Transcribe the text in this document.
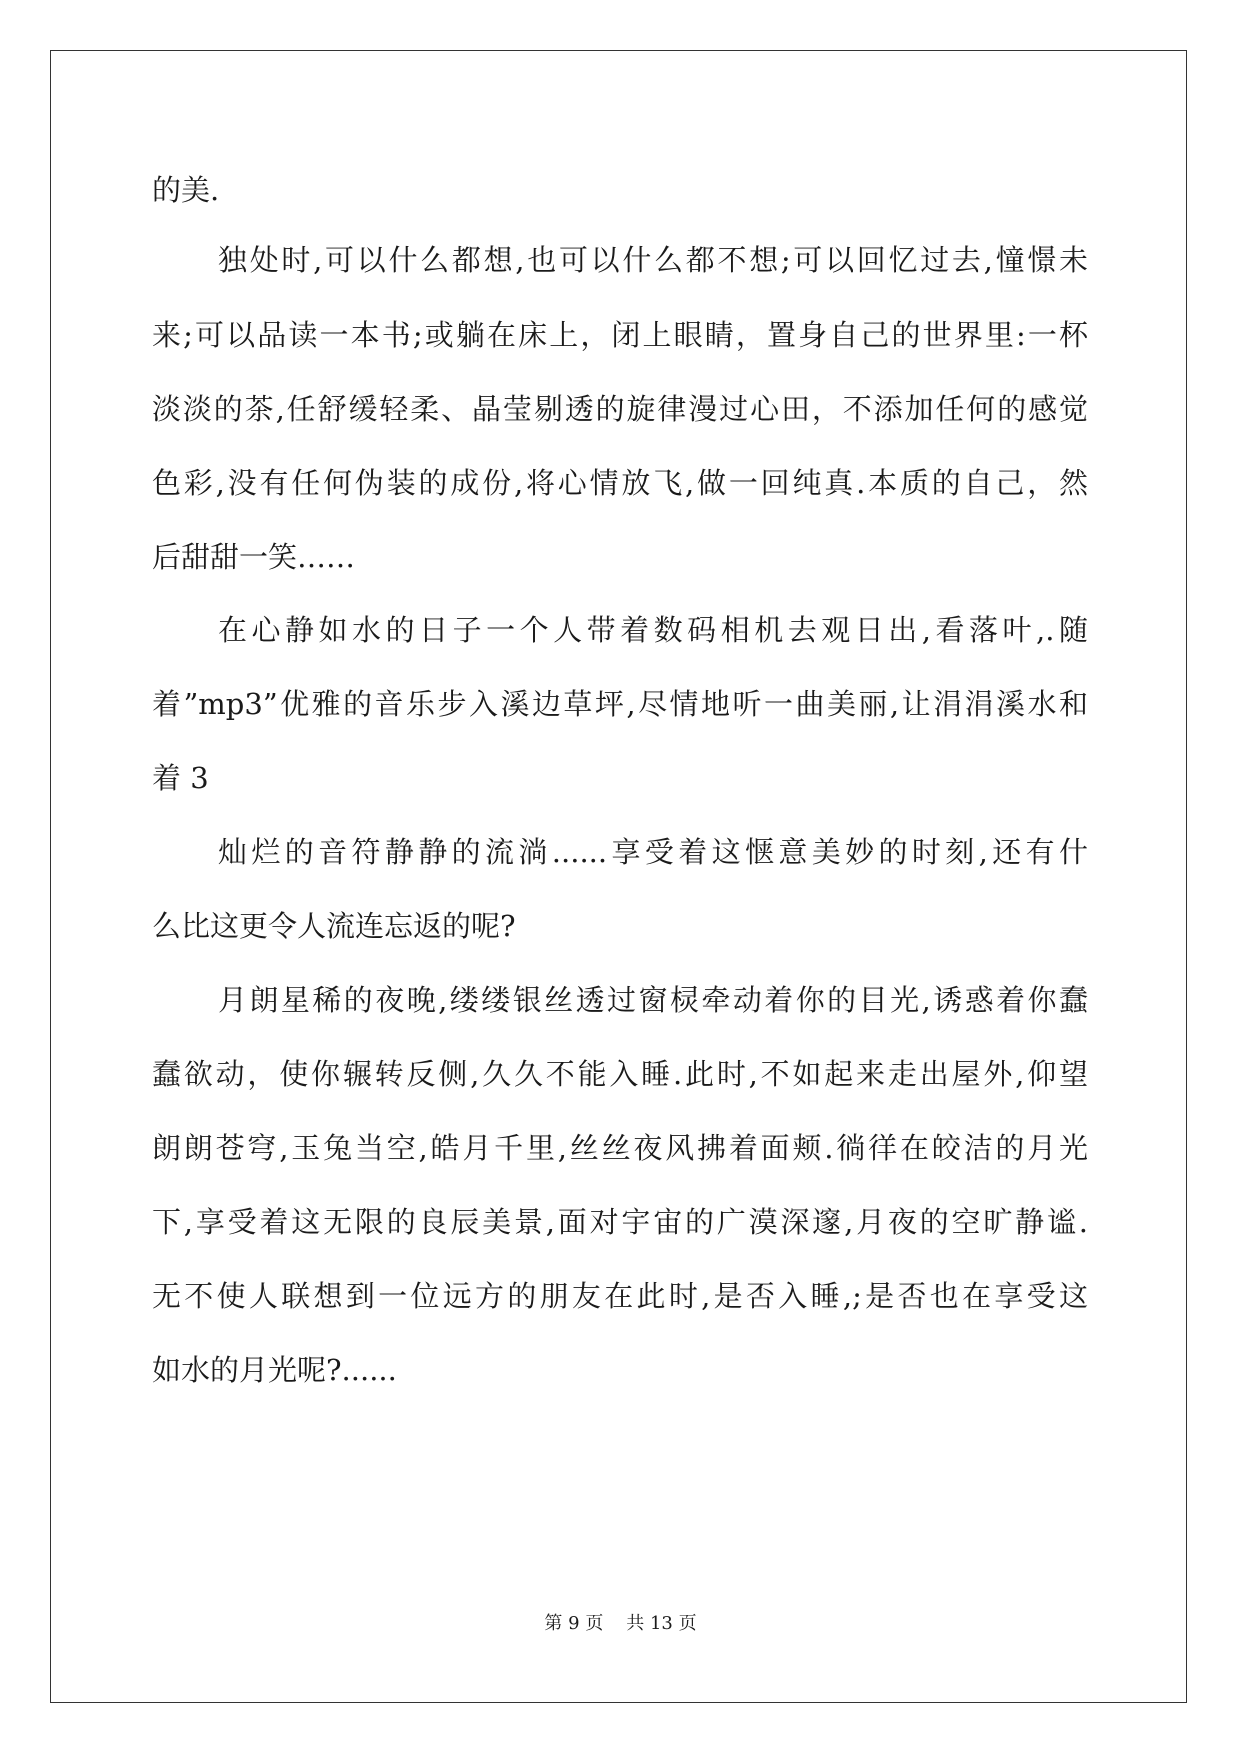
的美.
独处时,可以什么都想,也可以什么都不想;可以回忆过去,憧憬未
来;可以品读一本书;或躺在床上，闭上眼睛，置身自己的世界里:一杯
淡淡的茶,任舒缓轻柔、晶莹剔透的旋律漫过心田，不添加任何的感觉
色彩,没有任何伪装的成份,将心情放飞,做一回纯真.本质的自己，然
后甜甜一笑……
在心静如水的日子一个人带着数码相机去观日出,看落叶,.随
着”mp3”优雅的音乐步入溪边草坪,尽情地听一曲美丽,让涓涓溪水和
着 3
灿烂的音符静静的流淌......享受着这惬意美妙的时刻,还有什
么比这更令人流连忘返的呢?
月朗星稀的夜晚,缕缕银丝透过窗棂牵动着你的目光,诱惑着你蠢
蠢欲动，使你辗转反侧,久久不能入睡.此时,不如起来走出屋外,仰望
朗朗苍穹,玉兔当空,皓月千里,丝丝夜风拂着面颊.徜徉在皎洁的月光
下,享受着这无限的良辰美景,面对宇宙的广漠深邃,月夜的空旷静谧.
无不使人联想到一位远方的朋友在此时,是否入睡,;是否也在享受这
如水的月光呢?......
第 9 页 共 13 页
